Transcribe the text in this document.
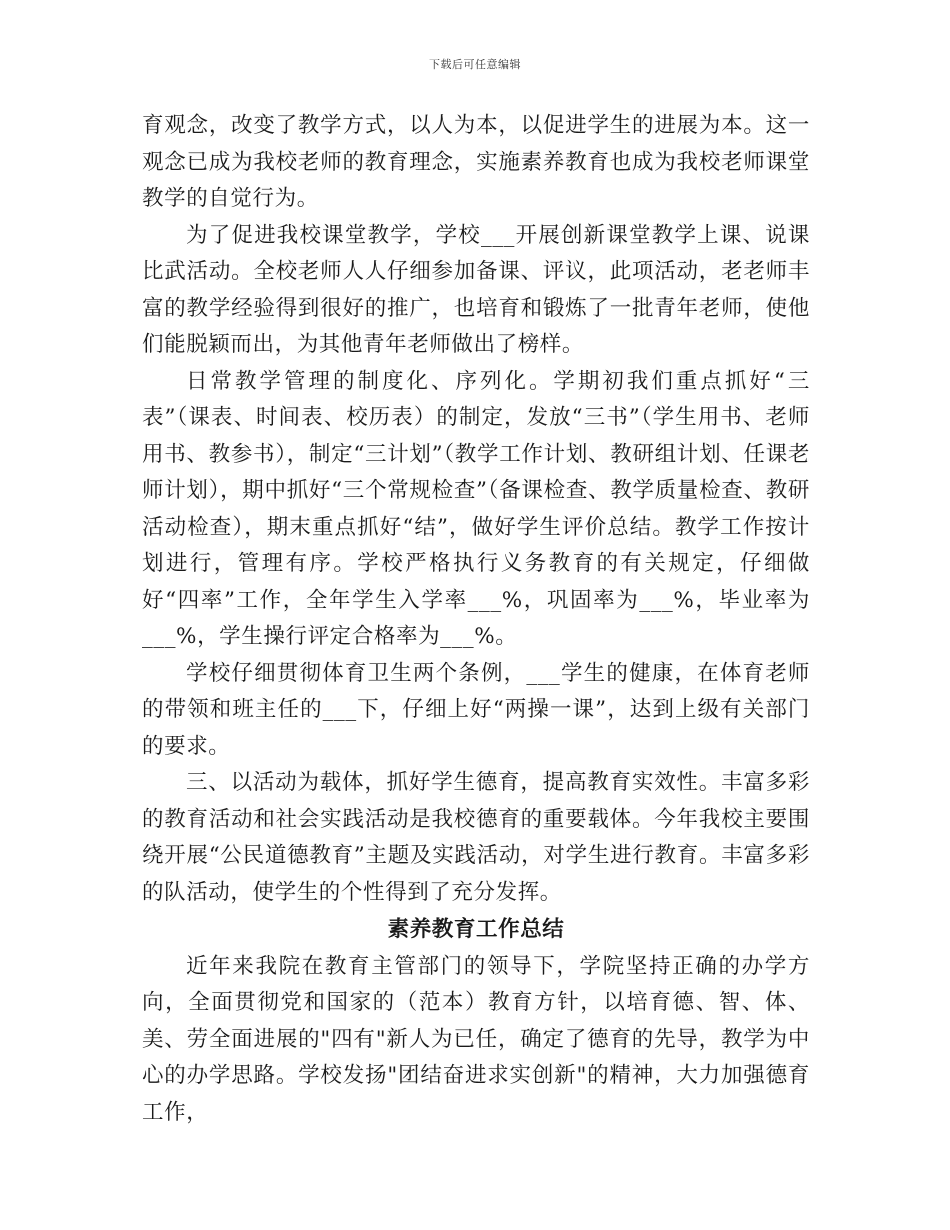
下载后可任意编辑

育观念，改变了教学方式，以人为本，以促进学生的进展为本。这一观念已成为我校老师的教育理念，实施素养教育也成为我校老师课堂教学的自觉行为。

为了促进我校课堂教学，学校___开展创新课堂教学上课、说课比武活动。全校老师人人仔细参加备课、评议，此项活动，老老师丰富的教学经验得到很好的推广，也培育和锻炼了一批青年老师，使他们能脱颖而出，为其他青年老师做出了榜样。

日常教学管理的制度化、序列化。学期初我们重点抓好“三表”（课表、时间表、校历表）的制定，发放“三书”（学生用书、老师用书、教参书），制定“三计划”（教学工作计划、教研组计划、任课老师计划），期中抓好“三个常规检查”（备课检查、教学质量检查、教研活动检查），期末重点抓好“结”，做好学生评价总结。教学工作按计划进行，管理有序。学校严格执行义务教育的有关规定，仔细做好“四率”工作，全年学生入学率___%，巩固率为___%，毕业率为___%，学生操行评定合格率为___%。

学校仔细贯彻体育卫生两个条例，___学生的健康，在体育老师的带领和班主任的___下，仔细上好“两操一课”，达到上级有关部门的要求。

三、以活动为载体，抓好学生德育，提高教育实效性。丰富多彩的教育活动和社会实践活动是我校德育的重要载体。今年我校主要围绕开展“公民道德教育”主题及实践活动，对学生进行教育。丰富多彩的队活动，使学生的个性得到了充分发挥。

素养教育工作总结

近年来我院在教育主管部门的领导下，学院坚持正确的办学方向，全面贯彻党和国家的（范本）教育方针，以培育德、智、体、美、劳全面进展的"四有"新人为已任，确定了德育的先导，教学为中心的办学思路。学校发扬"团结奋进求实创新"的精神，大力加强德育工作，
